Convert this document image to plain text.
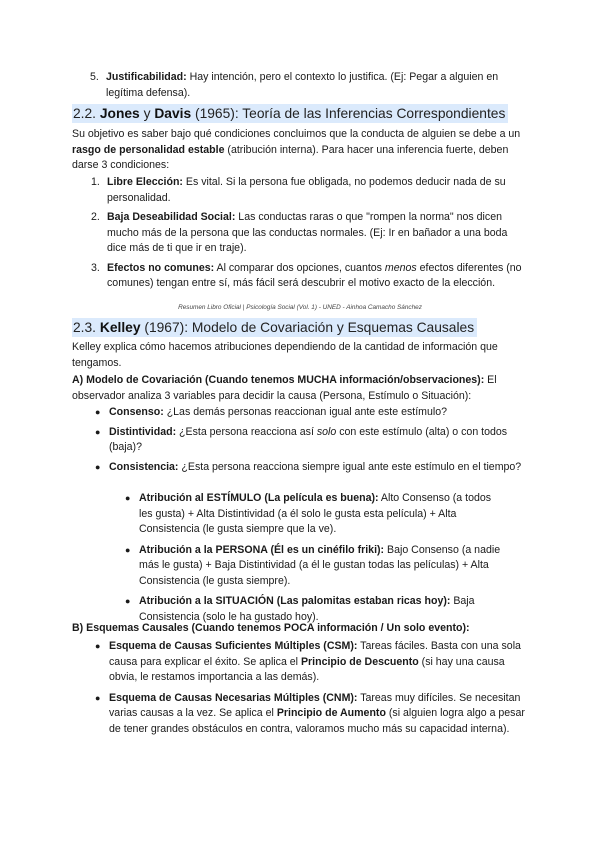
5. Justificabilidad: Hay intención, pero el contexto lo justifica. (Ej: Pegar a alguien en legítima defensa).
2.2. Jones y Davis (1965): Teoría de las Inferencias Correspondientes
Su objetivo es saber bajo qué condiciones concluimos que la conducta de alguien se debe a un rasgo de personalidad estable (atribución interna). Para hacer una inferencia fuerte, deben darse 3 condiciones:
1. Libre Elección: Es vital. Si la persona fue obligada, no podemos deducir nada de su personalidad.
2. Baja Deseabilidad Social: Las conductas raras o que "rompen la norma" nos dicen mucho más de la persona que las conductas normales. (Ej: Ir en bañador a una boda dice más de ti que ir en traje).
3. Efectos no comunes: Al comparar dos opciones, cuantos menos efectos diferentes (no comunes) tengan entre sí, más fácil será descubrir el motivo exacto de la elección.
Resumen Libro Oficial | Psicología Social (Vol. 1) - UNED - Ainhoa Camacho Sánchez
2.3. Kelley (1967): Modelo de Covariación y Esquemas Causales
Kelley explica cómo hacemos atribuciones dependiendo de la cantidad de información que tengamos.
A) Modelo de Covariación (Cuando tenemos MUCHA información/observaciones): El observador analiza 3 variables para decidir la causa (Persona, Estímulo o Situación):
● Consenso: ¿Las demás personas reaccionan igual ante este estímulo?
● Distintividad: ¿Esta persona reacciona así solo con este estímulo (alta) o con todos (baja)?
● Consistencia: ¿Esta persona reacciona siempre igual ante este estímulo en el tiempo?
● Atribución al ESTÍMULO (La película es buena): Alto Consenso (a todos les gusta) + Alta Distintividad (a él solo le gusta esta película) + Alta Consistencia (le gusta siempre que la ve).
● Atribución a la PERSONA (Él es un cinéfilo friki): Bajo Consenso (a nadie más le gusta) + Baja Distintividad (a él le gustan todas las películas) + Alta Consistencia (le gusta siempre).
● Atribución a la SITUACIÓN (Las palomitas estaban ricas hoy): Baja Consistencia (solo le ha gustado hoy).
B) Esquemas Causales (Cuando tenemos POCA información / Un solo evento):
● Esquema de Causas Suficientes Múltiples (CSM): Tareas fáciles. Basta con una sola causa para explicar el éxito. Se aplica el Principio de Descuento (si hay una causa obvia, le restamos importancia a las demás).
● Esquema de Causas Necesarias Múltiples (CNM): Tareas muy difíciles. Se necesitan varias causas a la vez. Se aplica el Principio de Aumento (si alguien logra algo a pesar de tener grandes obstáculos en contra, valoramos mucho más su capacidad interna).
